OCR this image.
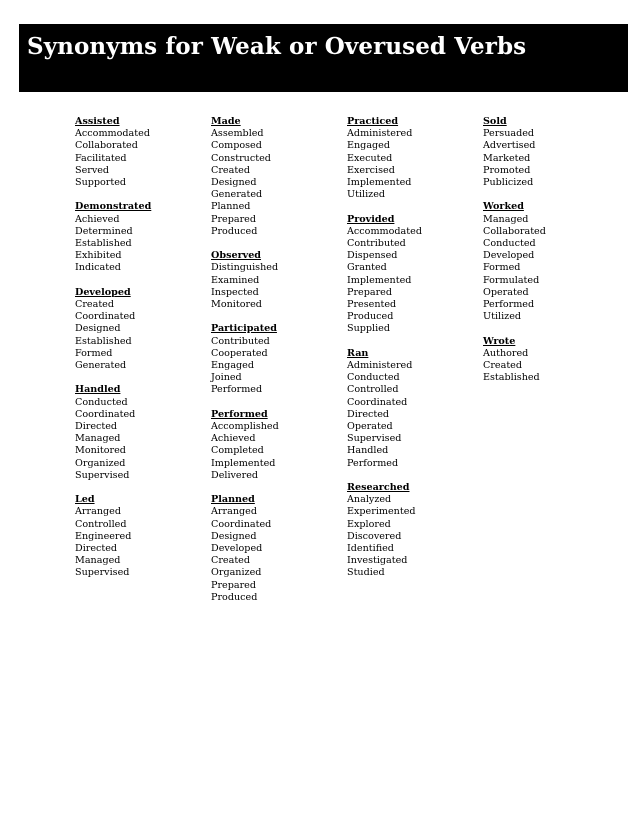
Synonyms for Weak or Overused Verbs
Assisted
Accommodated
Collaborated
Facilitated
Served
Supported
Demonstrated
Achieved
Determined
Established
Exhibited
Indicated
Developed
Created
Coordinated
Designed
Established
Formed
Generated
Handled
Conducted
Coordinated
Directed
Managed
Monitored
Organized
Supervised
Led
Arranged
Controlled
Engineered
Directed
Managed
Supervised
Made
Assembled
Composed
Constructed
Created
Designed
Generated
Planned
Prepared
Produced
Observed
Distinguished
Examined
Inspected
Monitored
Participated
Contributed
Cooperated
Engaged
Joined
Performed
Performed
Accomplished
Achieved
Completed
Implemented
Delivered
Planned
Arranged
Coordinated
Designed
Developed
Created
Organized
Prepared
Produced
Practiced
Administered
Engaged
Executed
Exercised
Implemented
Utilized
Provided
Accommodated
Contributed
Dispensed
Granted
Implemented
Prepared
Presented
Produced
Supplied
Ran
Administered
Conducted
Controlled
Coordinated
Directed
Operated
Supervised
Handled
Performed
Researched
Analyzed
Experimented
Explored
Discovered
Identified
Investigated
Studied
Sold
Persuaded
Advertised
Marketed
Promoted
Publicized
Worked
Managed
Collaborated
Conducted
Developed
Formed
Formulated
Operated
Performed
Utilized
Wrote
Authored
Created
Established
